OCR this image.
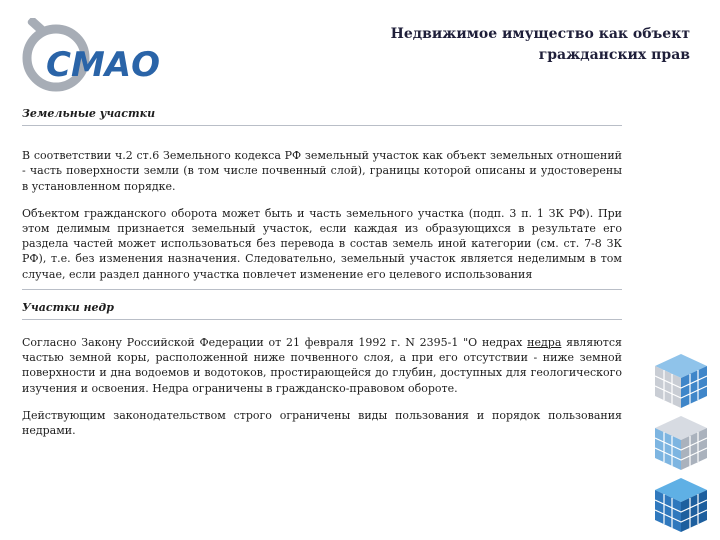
СМАО
Недвижимое имущество как объект
гражданских прав

Земельные участки

В соответствии ч.2 ст.6 Земельного кодекса РФ земельный участок как объект земельных отношений - часть поверхности земли (в том числе почвенный слой), границы которой описаны и удостоверены в установленном порядке.

Объектом гражданского оборота может быть и часть земельного участка (подп. 3 п. 1 ЗК РФ). При этом делимым признается земельный участок, если каждая из образующихся в результате его раздела частей может использоваться без перевода в состав земель иной категории (см. ст. 7-8 ЗК РФ), т.е. без изменения назначения. Следовательно, земельный участок является неделимым в том случае, если раздел данного участка повлечет изменение его целевого использования

Участки недр

Согласно Закону Российской Федерации от 21 февраля 1992 г. N 2395-1 "О недрах недра являются частью земной коры, расположенной ниже почвенного слоя, а при его отсутствии - ниже земной поверхности и дна водоемов и водотоков, простирающейся до глубин, доступных для геологического изучения и освоения. Недра ограничены в гражданско-правовом обороте.

Действующим законодательством строго ограничены виды пользования и порядок пользования недрами.
